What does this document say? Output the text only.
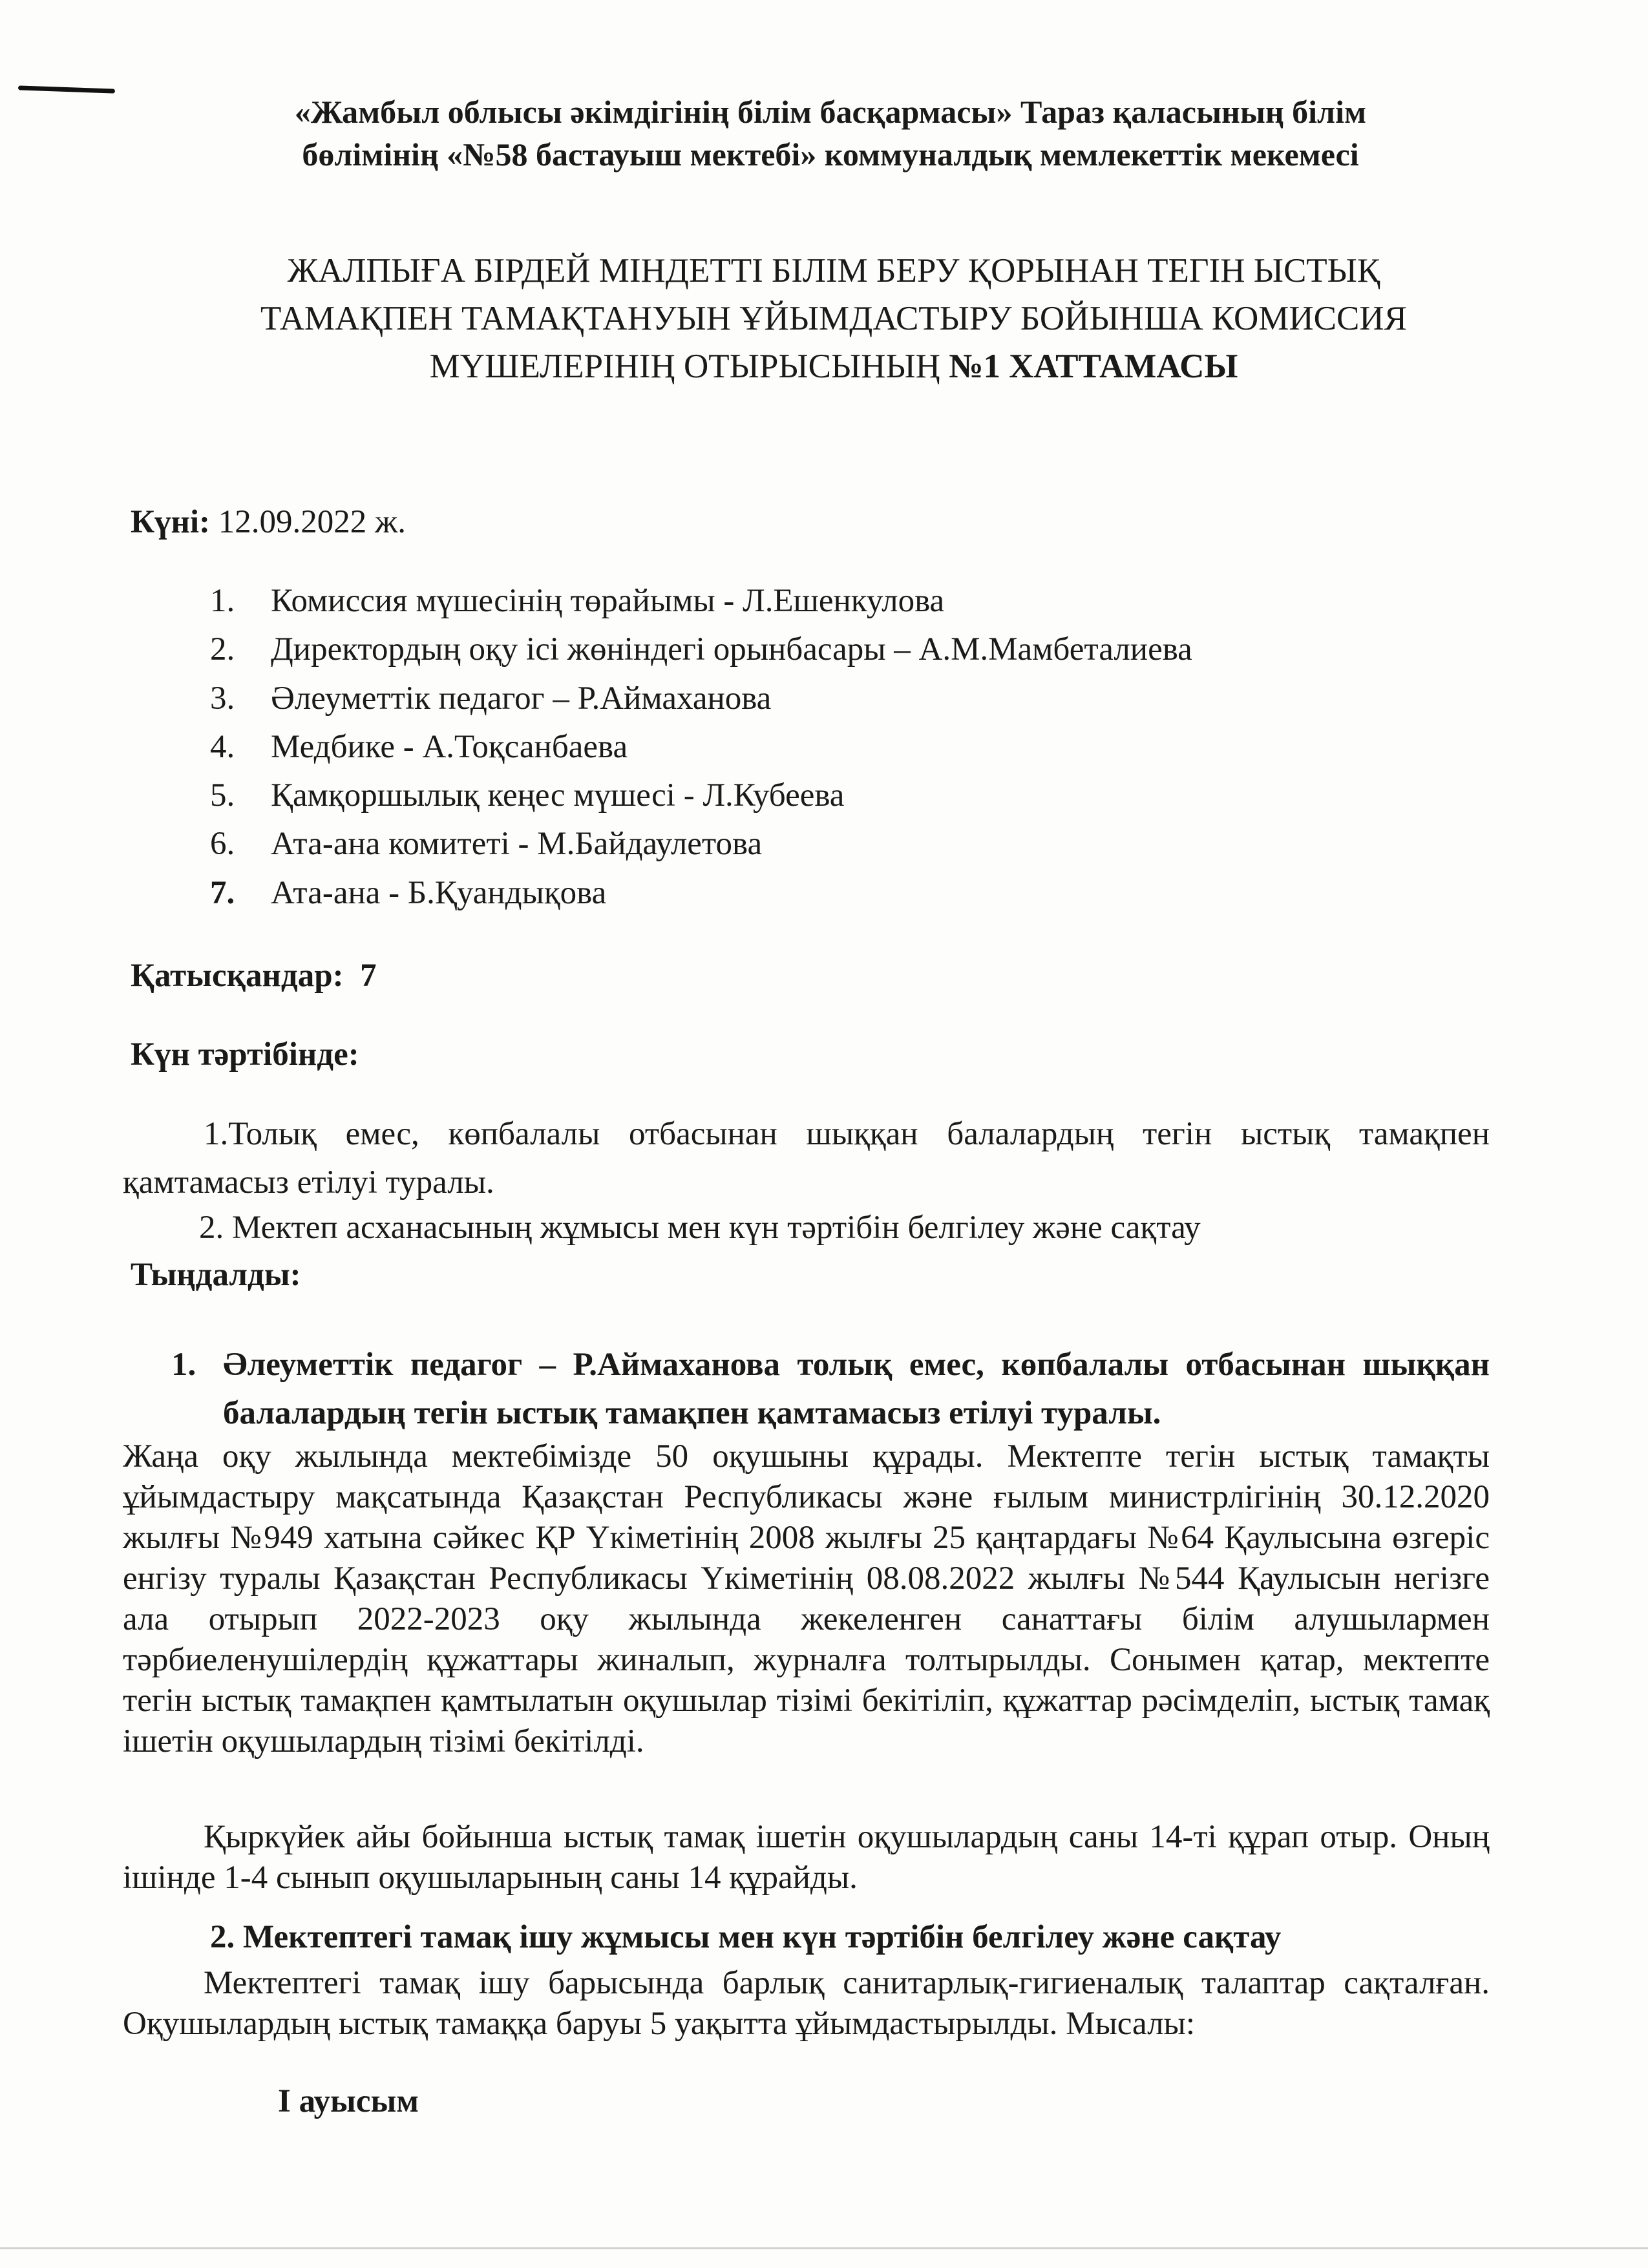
«Жамбыл облысы әкімдігінің білім басқармасы» Тараз қаласының білім
бөлімінің «№58 бастауыш мектебі» коммуналдық мемлекеттік мекемесі
ЖАЛПЫҒА БІРДЕЙ МІНДЕТТІ БІЛІМ БЕРУ ҚОРЫНАН ТЕГІН ЫСТЫҚ
ТАМАҚПЕН ТАМАҚТАНУЫН ҰЙЫМДАСТЫРУ БОЙЫНША КОМИССИЯ
МҮШЕЛЕРІНІҢ ОТЫРЫСЫНЫҢ №1 ХАТТАМАСЫ
Күні: 12.09.2022 ж.
1. Комиссия мүшесінің төрайымы - Л.Ешенкулова
2. Директордың оқу ісі жөніндегі орынбасары – А.М.Мамбеталиева
3. Әлеуметтік педагог – Р.Аймаханова
4. Медбике - А.Тоқсанбаева
5. Қамқоршылық кеңес мүшесі - Л.Кубеева
6. Ата-ана комитеті - М.Байдаулетова
7. Ата-ана - Б.Қуандықова
Қатысқандар: 7
Күн тәртібінде:

1.Толық емес, көпбалалы отбасынан шыққан балалардың тегін ыстық тамақпен қамтамасыз етілуі туралы.

2. Мектеп асханасының жұмысы мен күн тәртібін белгілеу және сақтау

Тыңдалды:
1. Әлеуметтік педагог – Р.Аймаханова толық емес, көпбалалы отбасынан шыққан балалардың тегін ыстық тамақпен қамтамасыз етілуі туралы.

Жаңа оқу жылында мектебімізде 50 оқушыны құрады. Мектепте тегін ыстық тамақты ұйымдастыру мақсатында Қазақстан Республикасы және ғылым министрлігінің 30.12.2020 жылғы №949 хатына сәйкес ҚР Үкіметінің 2008 жылғы 25 қаңтардағы №64 Қаулысына өзгеріс енгізу туралы Қазақстан Республикасы Үкіметінің 08.08.2022 жылғы №544 Қаулысын негізге ала отырып 2022-2023 оқу жылында жекеленген санаттағы білім алушылармен тәрбиеленушілердің құжаттары жиналып, журналға толтырылды. Сонымен қатар, мектепте тегін ыстық тамақпен қамтылатын оқушылар тізімі бекітіліп, құжаттар рәсімделіп, ыстық тамақ ішетін оқушылардың тізімі бекітілді.

Қыркүйек айы бойынша ыстық тамақ ішетін оқушылардың саны 14-ті құрап отыр. Оның ішінде 1-4 сынып оқушыларының саны 14 құрайды.

2. Мектептегі тамақ ішу жұмысы мен күн тәртібін белгілеу және сақтау

Мектептегі тамақ ішу барысында барлық санитарлық-гигиеналық талаптар сақталған. Оқушылардың ыстық тамаққа баруы 5 уақытта ұйымдастырылды. Мысалы:

І ауысым
